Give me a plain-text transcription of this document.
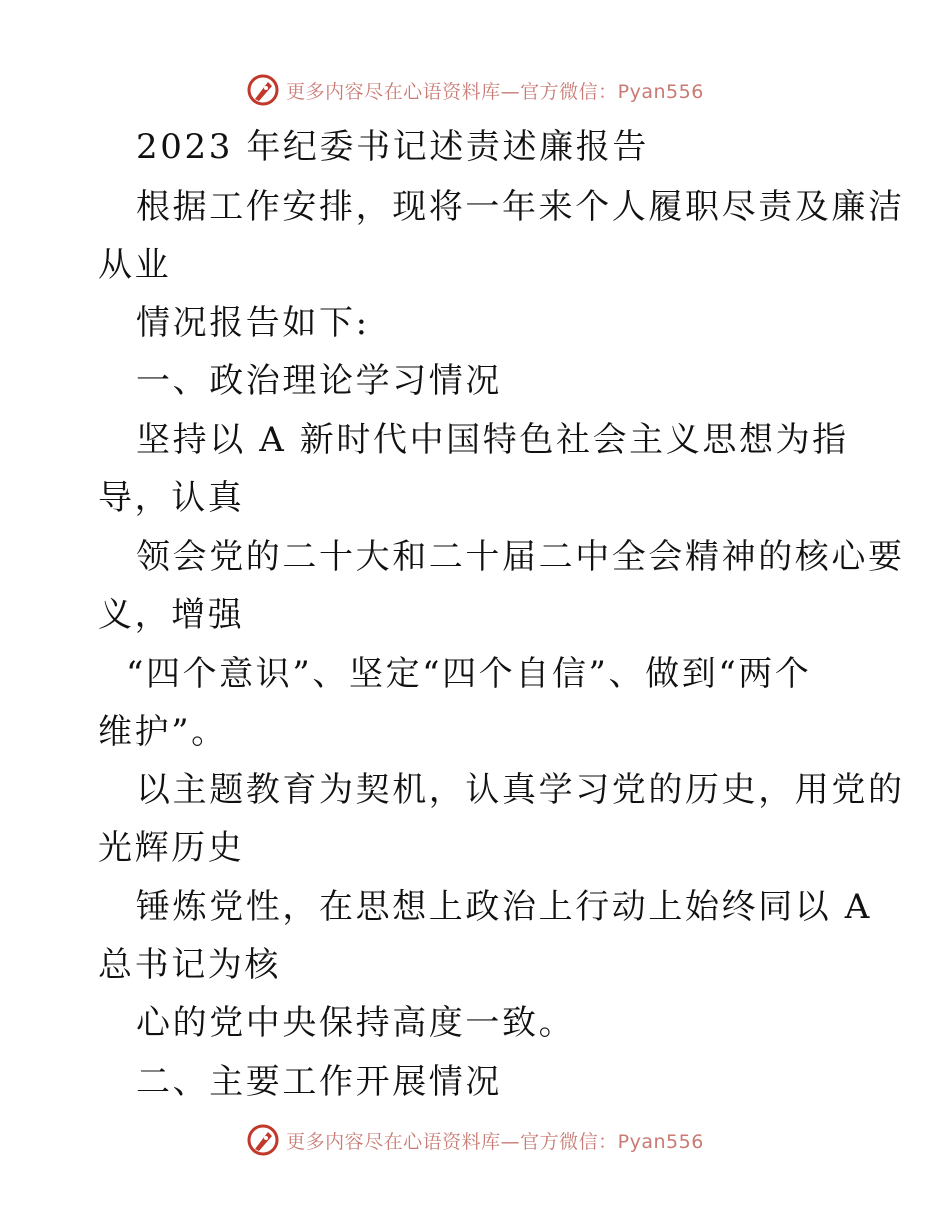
更多内容尽在心语资料库—官方微信：Pyan556
2023 年纪委书记述责述廉报告
根据工作安排，现将一年来个人履职尽责及廉洁
从业
情况报告如下:
一、政治理论学习情况
坚持以 A 新时代中国特色社会主义思想为指
导，认真
领会党的二十大和二十届二中全会精神的核心要
义，增强
“四个意识”、坚定“四个自信”、做到“两个
维护”。
以主题教育为契机，认真学习党的历史，用党的
光辉历史
锤炼党性，在思想上政治上行动上始终同以 A
总书记为核
心的党中央保持高度一致。
二、主要工作开展情况
更多内容尽在心语资料库—官方微信：Pyan556
